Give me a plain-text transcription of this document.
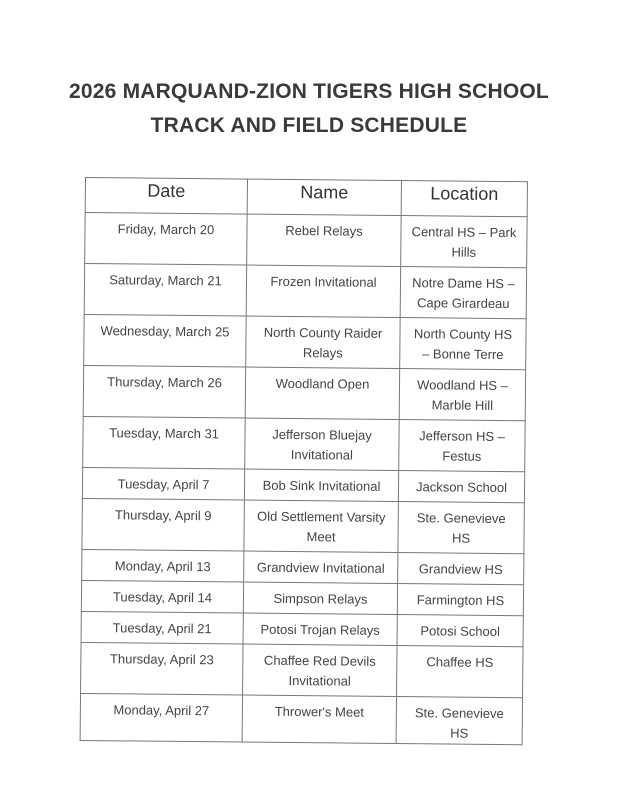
2026 MARQUAND-ZION TIGERS HIGH SCHOOL
TRACK AND FIELD SCHEDULE
Date	Name	Location
Friday, March 20	Rebel Relays	Central HS – Park Hills
Saturday, March 21	Frozen Invitational	Notre Dame HS – Cape Girardeau
Wednesday, March 25	North County Raider Relays	North County HS – Bonne Terre
Thursday, March 26	Woodland Open	Woodland HS – Marble Hill
Tuesday, March 31	Jefferson Bluejay Invitational	Jefferson HS – Festus
Tuesday, April 7	Bob Sink Invitational	Jackson School
Thursday, April 9	Old Settlement Varsity Meet	Ste. Genevieve HS
Monday, April 13	Grandview Invitational	Grandview HS
Tuesday, April 14	Simpson Relays	Farmington HS
Tuesday, April 21	Potosi Trojan Relays	Potosi School
Thursday, April 23	Chaffee Red Devils Invitational	Chaffee HS
Monday, April 27	Thrower's Meet	Ste. Genevieve HS
